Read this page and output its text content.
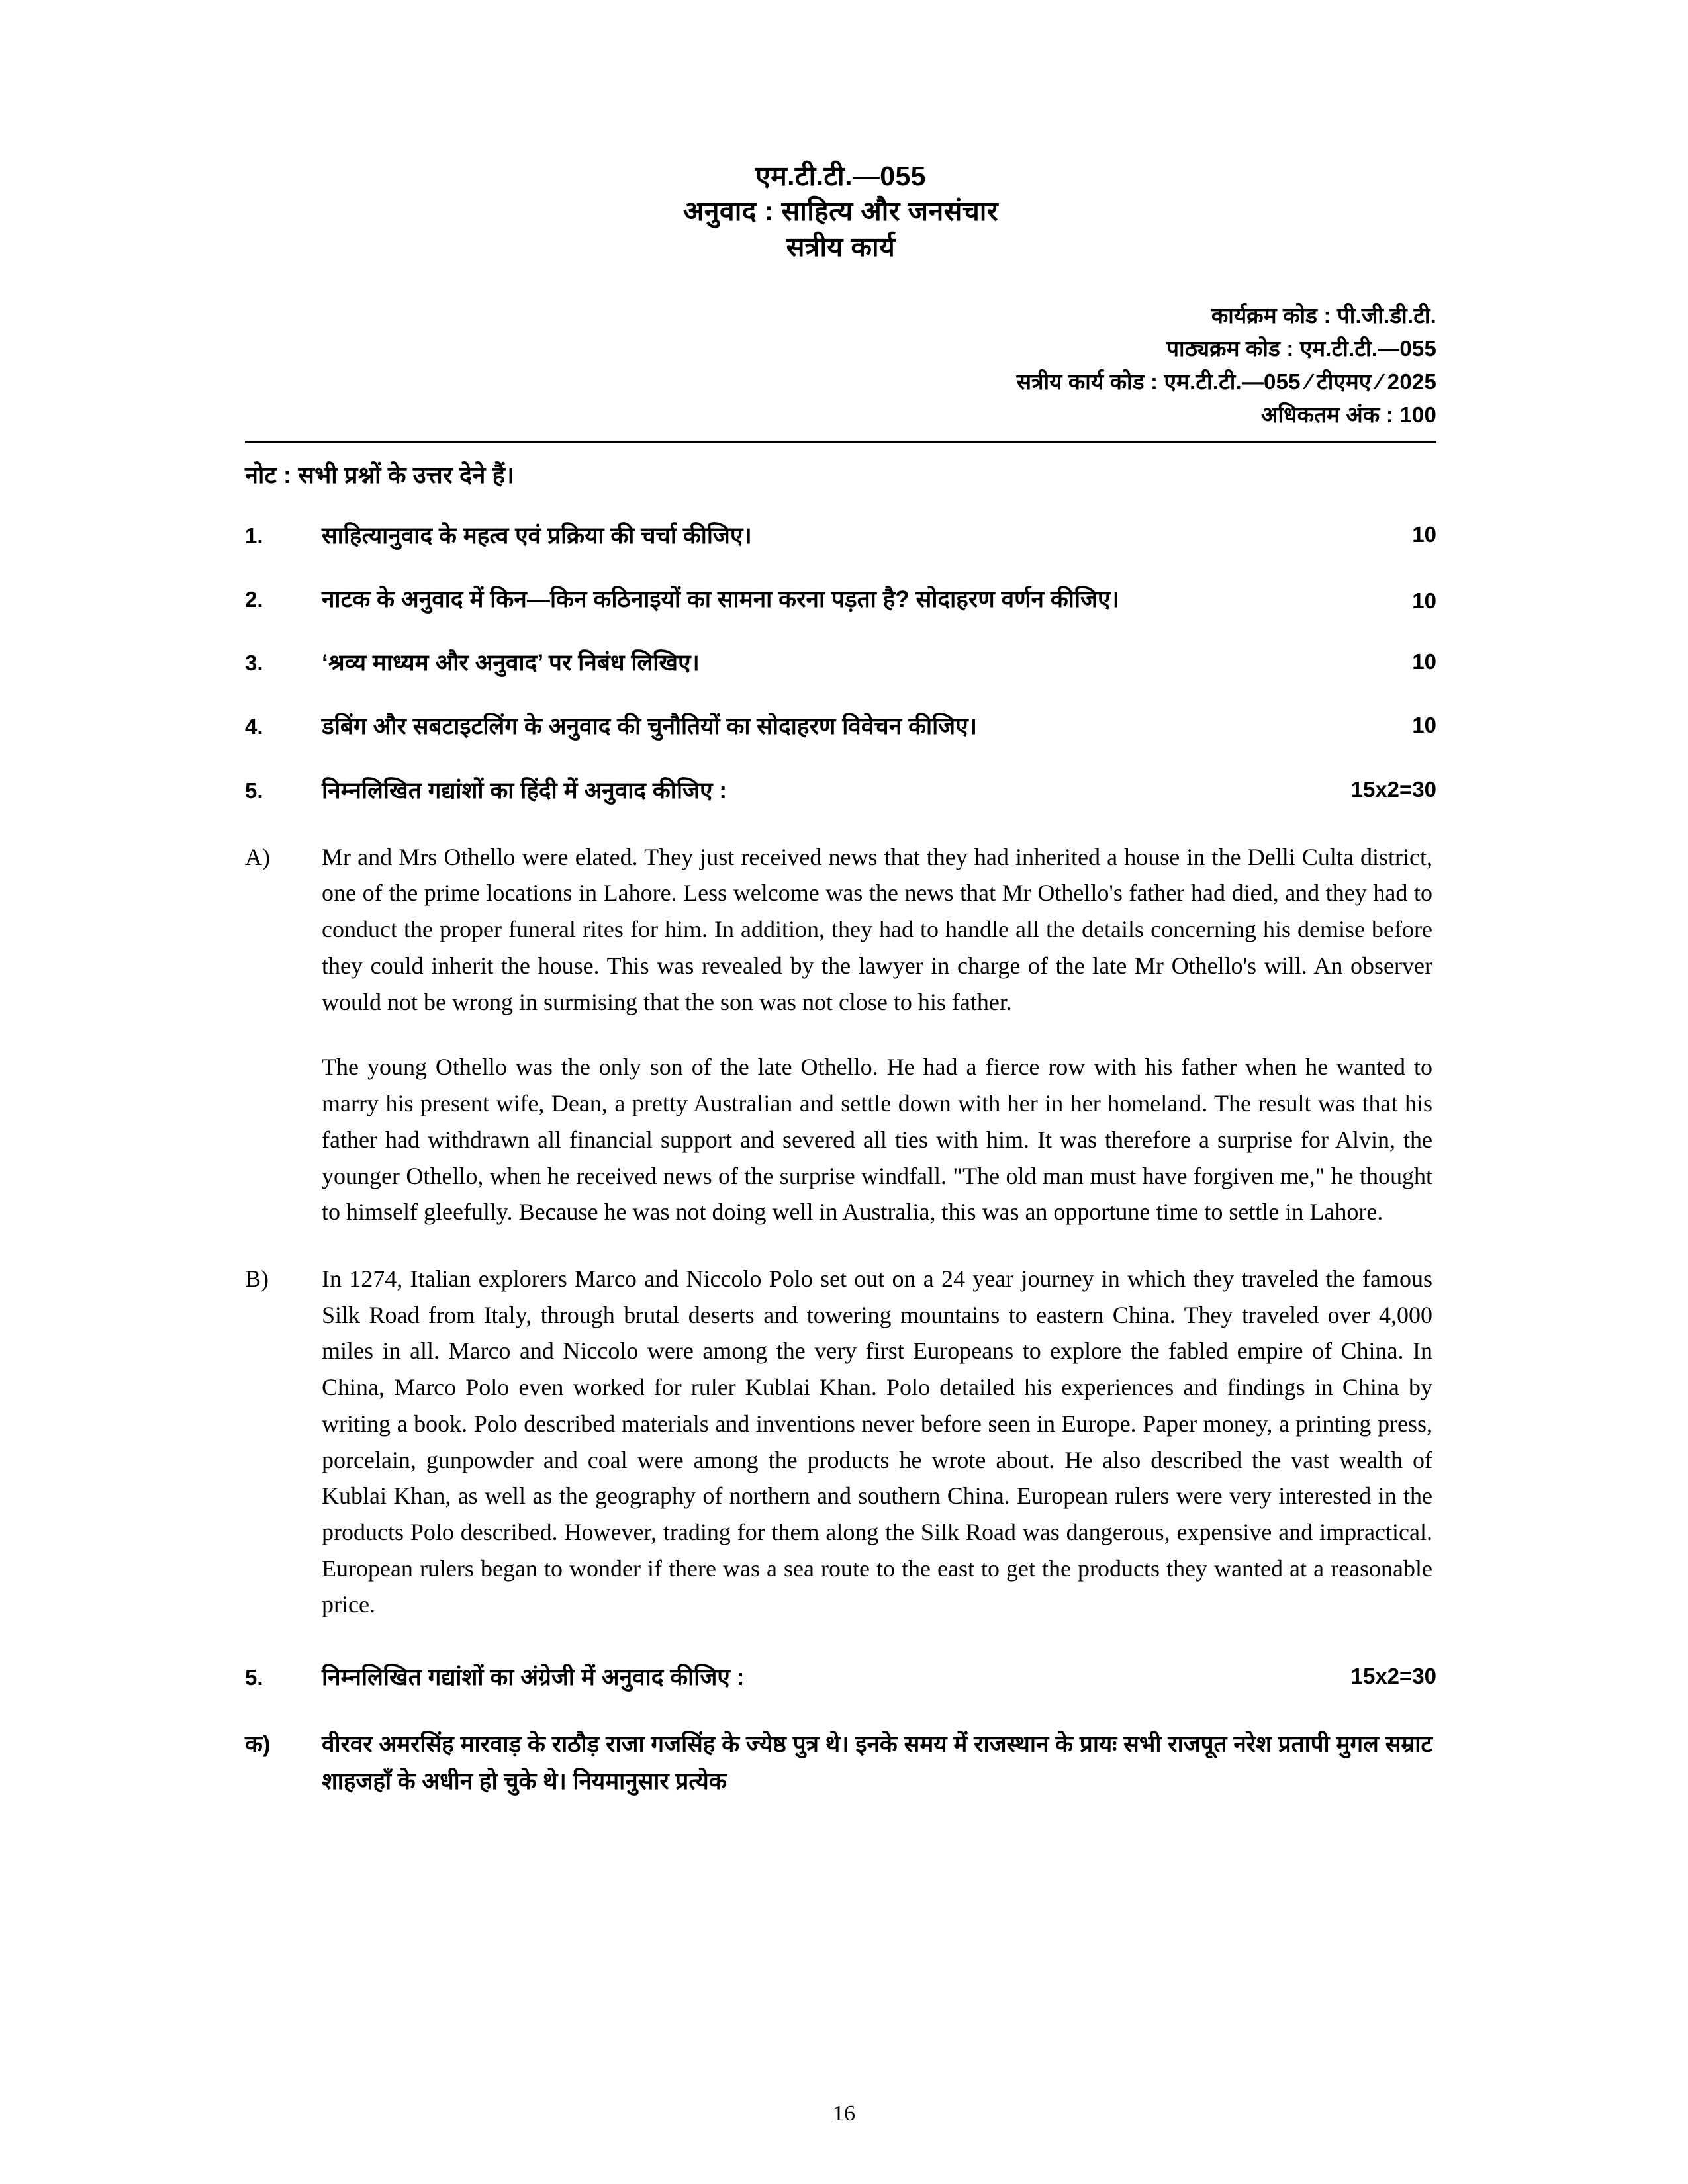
एम.टी.टी.—055
अनुवाद : साहित्य और जनसंचार
सत्रीय कार्य
कार्यक्रम कोड : पी.जी.डी.टी.
पाठ्यक्रम कोड : एम.टी.टी.—055
सत्रीय कार्य कोड : एम.टी.टी.—055 ⁄ टीएमए ⁄ 2025
अधिकतम अंक : 100
नोट : सभी प्रश्नों के उत्तर देने हैं।
1.	साहित्यानुवाद के महत्व एवं प्रक्रिया की चर्चा कीजिए।	10
2.	नाटक के अनुवाद में किन—किन कठिनाइयों का सामना करना पड़ता है? सोदाहरण वर्णन कीजिए।	10
3.	‘श्रव्य माध्यम और अनुवाद’ पर निबंध लिखिए।	10
4.	डबिंग और सबटाइटलिंग के अनुवाद की चुनौतियों का सोदाहरण विवेचन कीजिए।	10
5.	निम्नलिखित गद्यांशों का हिंदी में अनुवाद कीजिए :	15x2=30
A)	Mr and Mrs Othello were elated. They just received news that they had inherited a house in the Delli Culta district, one of the prime locations in Lahore. Less welcome was the news that Mr Othello's father had died, and they had to conduct the proper funeral rites for him. In addition, they had to handle all the details concerning his demise before they could inherit the house. This was revealed by the lawyer in charge of the late Mr Othello's will. An observer would not be wrong in surmising that the son was not close to his father.

The young Othello was the only son of the late Othello. He had a fierce row with his father when he wanted to marry his present wife, Dean, a pretty Australian and settle down with her in her homeland. The result was that his father had withdrawn all financial support and severed all ties with him. It was therefore a surprise for Alvin, the younger Othello, when he received news of the surprise windfall. "The old man must have forgiven me," he thought to himself gleefully. Because he was not doing well in Australia, this was an opportune time to settle in Lahore.

B)	In 1274, Italian explorers Marco and Niccolo Polo set out on a 24 year journey in which they traveled the famous Silk Road from Italy, through brutal deserts and towering mountains to eastern China. They traveled over 4,000 miles in all. Marco and Niccolo were among the very first Europeans to explore the fabled empire of China. In China, Marco Polo even worked for ruler Kublai Khan. Polo detailed his experiences and findings in China by writing a book. Polo described materials and inventions never before seen in Europe. Paper money, a printing press, porcelain, gunpowder and coal were among the products he wrote about. He also described the vast wealth of Kublai Khan, as well as the geography of northern and southern China. European rulers were very interested in the products Polo described. However, trading for them along the Silk Road was dangerous, expensive and impractical. European rulers began to wonder if there was a sea route to the east to get the products they wanted at a reasonable price.

5.	निम्नलिखित गद्यांशों का अंग्रेजी में अनुवाद कीजिए :	15x2=30
क)	वीरवर अमरसिंह मारवाड़ के राठौड़ राजा गजसिंह के ज्येष्ठ पुत्र थे। इनके समय में राजस्थान के प्रायः सभी राजपूत नरेश प्रतापी मुगल सम्राट शाहजहाँ के अधीन हो चुके थे। नियमानुसार प्रत्येक

16
